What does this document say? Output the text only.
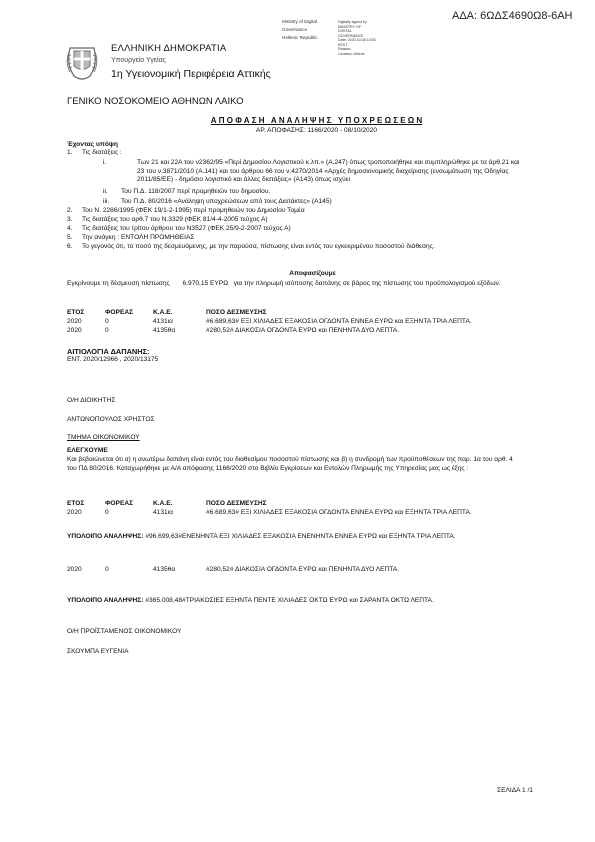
ΑΔΑ: 6ΩΔΣ4690Ω8-6ΑΗ
Ministry of Digital
Governance
Hellenic Republic
Digitally signed by
MINISTRY OF
DIGITAL
GOVERNANCE
Date: 2020.10.08 13:53
EEST
Reason:
Location: Athens
ΕΛΛΗΝΙΚΗ ΔΗΜΟΚΡΑΤΙΑ
Υπουργείο Υγείας
1η Υγειονομική Περιφέρεια Αττικής
ΓΕΝΙΚΟ ΝΟΣΟΚΟΜΕΙΟ ΑΘΗΝΩΝ ΛΑΙΚΟ
Α Π Ο Φ Α Σ Η   Α Ν Α Λ Η Ψ Η Σ   Υ Π Ο Χ Ρ Ε Ω Σ Ε Ω Ν
ΑΡ. ΑΠΟΦΑΣΗΣ: 1166/2020 - 08/10/2020
Έχοντας υπόψη
1. Τις διατάξεις :
i.	Των 21 και 22Α του ν2362/95 «Περί Δημοσίου Λογιστικού κ.λπ.» (Α.247) όπως τροποποιήθηκε και συμπληρώθηκε με τα άρθ.21 και 23 του ν.3871/2010 (Α.141) και του άρθρου 66 του ν.4270/2014 «Αρχές δημοσιονομικής διαχείρισης (ενσωμάτωση της Οδηγίας 2011/85/ΕΕ) - δημόσιο λογιστικό και άλλες διατάξεις» (Α143) όπως ισχύει
ii. Του Π.Δ. 118/2007 περί προμηθειών του δημοσίου.
iii. Του Π.Δ. 80/2016 «Ανάληψη υποχρεώσεων από τους Διατάκτες» (Α145)
2. Του Ν. 2286/1995 (ΦΕΚ 19/1-2-1995) περί προμηθειών του Δημοσίου Τομέα
3. Τις διατάξεις του αρθ.7 του Ν.3329 (ΦΕΚ 81/4-4-2005 τεύχος Α)
4. Τις διατάξεις του τρίτου άρθρου του Ν3527 (ΦΕΚ 25/9-2-2007 τεύχος Α)
5. Την ανάγκη : ΕΝΤΟΛΗ ΠΡΟΜΗΘΕΙΑΣ
6. Το γεγονός ότι, το ποσό της δεσμευόμενης, με την παρούσα, πίστωσης είναι εντός του εγκεκριμένου ποσοστού διάθεσης.
Αποφασίζουμε
Εγκρίνουμε τη δέσμευση πίστωσης       6.970,15 ΕΥΡΩ   για την πληρωμή ισόποσης δαπάνης σε βάρος της πίστωσης του προϋπολογισμού εξόδων.
ΕΤΟΣ	ΦΟΡΕΑΣ	Κ.Α.Ε.	ΠΟΣΟ ΔΕΣΜΕΥΣΗΣ
2020	0	4131ια	#6.689,63# ΕΞΙ ΧΙΛΙΑΔΕΣ ΕΞΑΚΟΣΙΑ ΟΓΔΟΝΤΑ ΕΝΝΕΑ ΕΥΡΩ και ΕΞΗΝΤΑ ΤΡΙΑ ΛΕΠΤΑ.
2020	0	4135θα	#280,52# ΔΙΑΚΟΣΙΑ ΟΓΔΟΝΤΑ ΕΥΡΩ και ΠΕΝΗΝΤΑ ΔΥΟ ΛΕΠΤΑ.
ΑΙΤΙΟΛΟΓΙΑ ΔΑΠΑΝΗΣ:
ΕΝΤ. 2020/12966 , 2020/13175
Ο/Η ΔΙΟΙΚΗΤΗΣ
ΑΝΤΩΝΟΠΟΥΛΟΣ ΧΡΗΣΤΟΣ
ΤΜΗΜΑ ΟΙΚΟΝΟΜΙΚΟΥ
ΕΛΕΓΧΟΥΜΕ
Και βεβαιώνεται ότι α) η ανωτέρω δαπάνη είναι εντός του διαθεσίμου ποσοστού πίστωσης και β) η συνδρομή των προϋποθέσεων της παρ. 1α του αρθ. 4 του ΠΔ 80/2016. Καταχωρήθηκε με Α/Α απόφασης 1166/2020 στο Βιβλίο Εγκρίσεων και Εντολών Πληρωμής της Υπηρεσίας μας ως έξης :
ΕΤΟΣ	ΦΟΡΕΑΣ	Κ.Α.Ε.	ΠΟΣΟ ΔΕΣΜΕΥΣΗΣ
2020	0	4131ια	#6.689,63# ΕΞΙ ΧΙΛΙΑΔΕΣ ΕΞΑΚΟΣΙΑ ΟΓΔΟΝΤΑ ΕΝΝΕΑ ΕΥΡΩ και ΕΞΗΝΤΑ ΤΡΙΑ ΛΕΠΤΑ.
ΥΠΟΛΟΙΠΟ ΑΝΑΛΗΨΗΣ: #96.699,63#ΕΝΕΝΗΝΤΑ ΕΞΙ ΧΙΛΙΑΔΕΣ ΕΞΑΚΟΣΙΑ ΕΝΕΝΗΝΤΑ ΕΝΝΕΑ ΕΥΡΩ και ΕΞΗΝΤΑ ΤΡΙΑ ΛΕΠΤΑ.
2020	0	4135θα	#280,52# ΔΙΑΚΟΣΙΑ ΟΓΔΟΝΤΑ ΕΥΡΩ και ΠΕΝΗΝΤΑ ΔΥΟ ΛΕΠΤΑ.
ΥΠΟΛΟΙΠΟ ΑΝΑΛΗΨΗΣ: #365.008,48#ΤΡΙΑΚΟΣΙΕΣ ΕΞΗΝΤΑ ΠΕΝΤΕ ΧΙΛΙΑΔΕΣ ΟΚΤΩ ΕΥΡΩ και ΣΑΡΑΝΤΑ ΟΚΤΩ ΛΕΠΤΑ.
Ο/Η ΠΡΟΪΣΤΑΜΕΝΟΣ ΟΙΚΟΝΟΜΙΚΟΥ
ΣΚΟΥΜΠΑ ΕΥΓΕΝΙΑ
ΣΕΛΙΔΑ 1 /1
